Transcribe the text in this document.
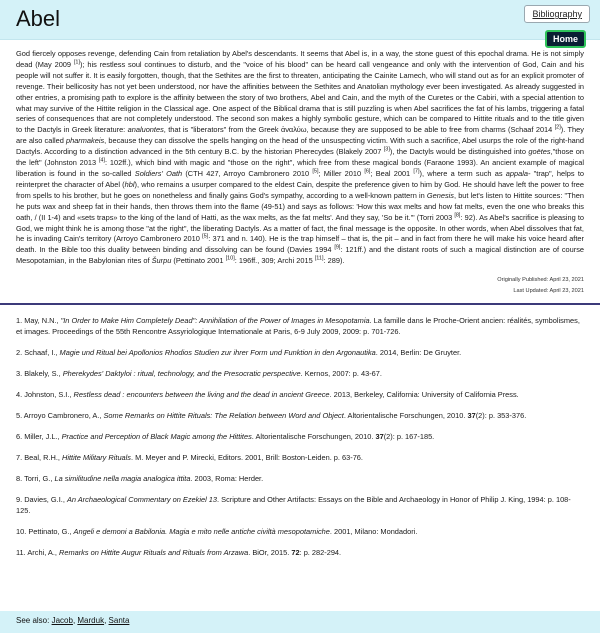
Abel	Bibliography
Home

God fiercely opposes revenge, defending Cain from retaliation by Abel's descendants. It seems that Abel is, in a way, the stone guest of this epochal drama. He is not simply dead (May 2009 [1]); his restless soul continues to disturb, and the "voice of his blood" can be heard call vengeance and only with the intervention of God, Cain and his people will not suffer it. It is easily forgotten, though, that the Sethites are the first to threaten, anticipating the Cainite Lamech, who will stand out as for an explicit promoter of revenge. Their bellicosity has not yet been understood, nor have the affinities between the Sethites and Anatolian mythology ever been investigated. As already suggested in other entries, a promising path to explore is the affinity between the story of two brothers, Abel and Cain, and the myth of the Curetes or the Cabiri, with a special attention to what may survive of the Hittite religion in the Classical age. One aspect of the Biblical drama that is still puzzling is when Abel sacrifices the fat of his lambs, triggering a fatal series of consequences that are not completely understood. The second son makes a highly symbolic gesture, which can be compared to Hittite rituals and to the title given to the Dactyls in Greek literature: analuontes, that is "liberators" from the Greek ἀναλύω, because they are supposed to be able to free from charms (Schaaf 2014 [2]). They are also called pharmakeis, because they can dissolve the spells hanging on the head of the unsuspecting victim. With such a sacrifice, Abel usurps the role of the right-hand Dactyls. According to a distinction advanced in the 5th century B.C. by the historian Pherecydes (Blakely 2007 [3]), the Dactyls would be distinguished into goëtes,"those on the left" (Johnston 2013 [4]: 102ff.), which bind with magic and "those on the right", which free from these magical bonds (Faraone 1993). An ancient example of magical liberation is found in the so-called Soldiers' Oath (CTH 427, Arroyo Cambronero 2010 [5]; Miller 2010 [6]; Beal 2001 [7]), where a term such as appala- "trap", helps to reinterpret the character of Abel (hbl), who remains a usurper compared to the eldest Cain, despite the preference given to him by God. He should have left the power to free from spells to his brother, but he goes on nonetheless and finally gains God's sympathy, according to a well-known pattern in Genesis, but let's listen to Hittite sources: "Then he puts wax and sheep fat in their hands, then throws them into the flame (49-51) and says as follows: 'How this wax melts and how fat melts, even the one who breaks this oath, / (II 1-4) and «sets traps» to the king of the land of Hatti, as the wax melts, as the fat melts'. And they say, 'So be it.'" (Torri 2003 [8]: 92). As Abel's sacrifice is pleasing to God, we might think he is among those "at the right", the liberating Dactyls. As a matter of fact, the final message is the opposite. In other words, when Abel dissolves that fat, he is invading Cain's territory (Arroyo Cambronero 2010 [5]: 371 and n. 140). He is the trap himself – that is, the pit – and in fact from there he will make his voice heard after death. In the Bible too this duality between binding and dissolving can be found (Davies 1994 [9]: 121ff.) and the distant roots of such a magical distinction are of course Mesopotamian, in the Babylonian rites of Šurpu (Pettinato 2001 [10]: 196ff., 309; Archi 2015 [11]: 289).

Originally Published: April 23, 2021
Last Updated: April 23, 2021

1. May, N.N., "In Order to Make Him Completely Dead": Annihilation of the Power of Images in Mesopotamia. La famille dans le Proche-Orient ancien: réalités, symbolismes, et images. Proceedings of the 55th Rencontre Assyriologique Internationale at Paris, 6-9 July 2009, 2009: p. 701-726.

2. Schaaf, I., Magie und Ritual bei Apollonios Rhodios Studien zur ihrer Form und Funktion in den Argonautika. 2014, Berlin: De Gruyter.

3. Blakely, S., Pherekydes' Daktyloi : ritual, technology, and the Presocratic perspective. Kernos, 2007: p. 43-67.

4. Johnston, S.I., Restless dead : encounters between the living and the dead in ancient Greece. 2013, Berkeley, California: University of California Press.

5. Arroyo Cambronero, A., Some Remarks on Hittite Rituals: The Relation between Word and Object. Altorientalische Forschungen, 2010. 37(2): p. 353-376.

6. Miller, J.L., Practice and Perception of Black Magic among the Hittites. Altorientalische Forschungen, 2010. 37(2): p. 167-185.

7. Beal, R.H., Hittite Military Rituals. M. Meyer and P. Mirecki, Editors. 2001, Brill: Boston-Leiden. p. 63-76.

8. Torri, G., La similitudine nella magia analogica ittita. 2003, Roma: Herder.

9. Davies, G.I., An Archaeological Commentary on Ezekiel 13. Scripture and Other Artifacts: Essays on the Bible and Archaeology in Honor of Philip J. King, 1994: p. 108-125.

10. Pettinato, G., Angeli e demoni a Babilonia. Magia e mito nelle antiche civiltà mesopotamiche. 2001, Milano: Mondadori.

11. Archi, A., Remarks on Hittite Augur Rituals and Rituals from Arzawa. BiOr, 2015. 72: p. 282-294.

See also: Jacob, Marduk, Santa
